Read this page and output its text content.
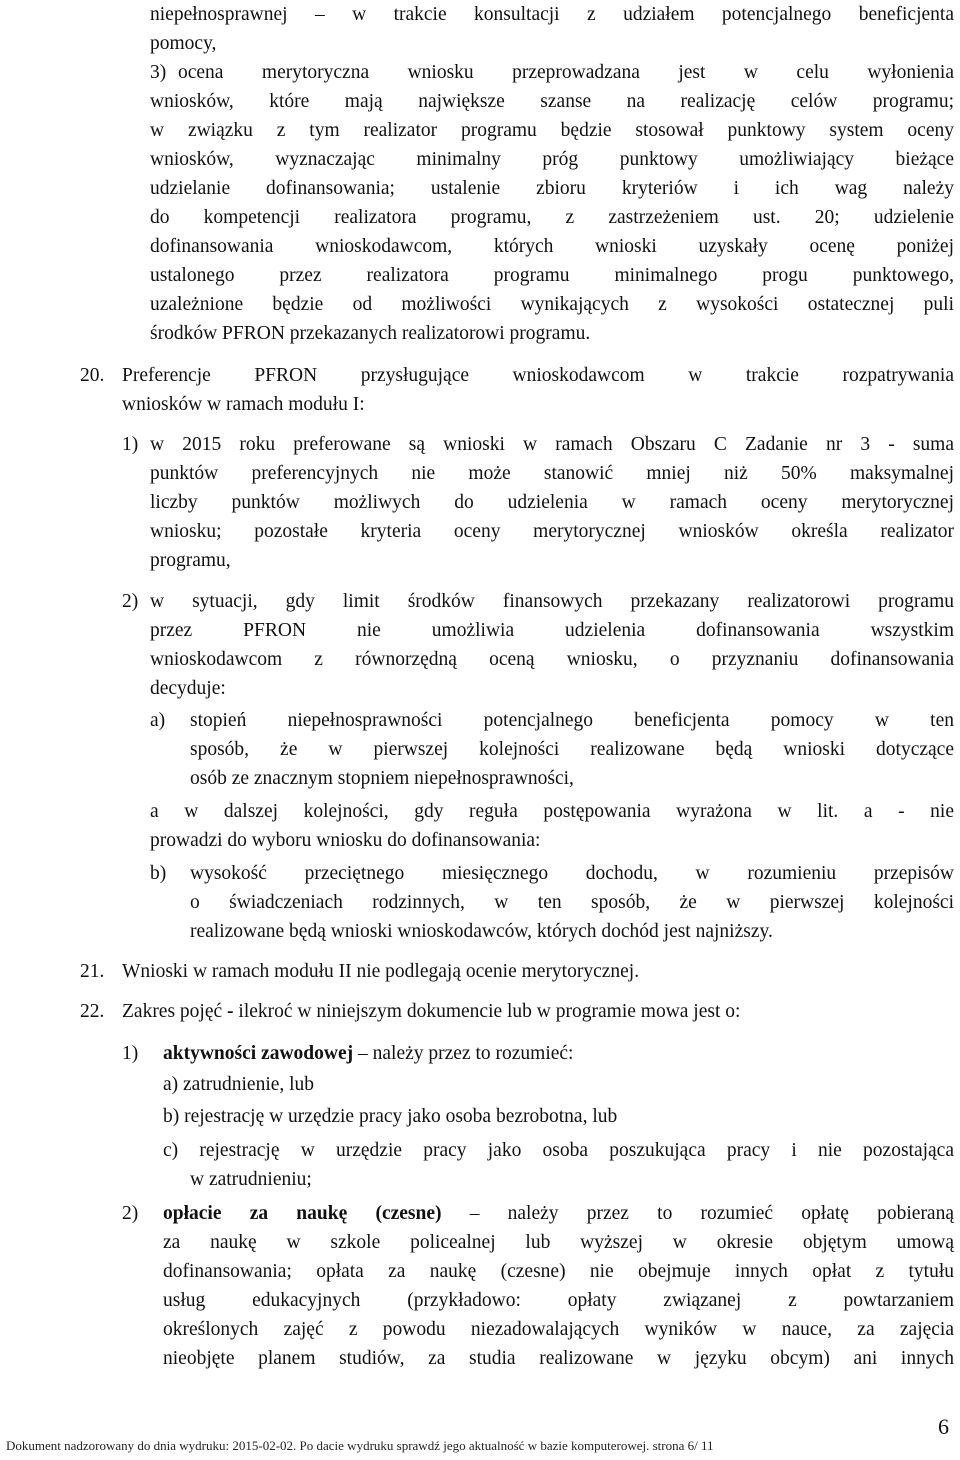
niepełnosprawnej – w trakcie konsultacji z udziałem potencjalnego beneficjenta
pomocy,
3) ocena merytoryczna wniosku przeprowadzana jest w celu wyłonienia
wniosków, które mają największe szanse na realizację celów programu;
w związku z tym realizator programu będzie stosował punktowy system oceny
wniosków, wyznaczając minimalny próg punktowy umożliwiający bieżące
udzielanie dofinansowania; ustalenie zbioru kryteriów i ich wag należy
do kompetencji realizatora programu, z zastrzeżeniem ust. 20; udzielenie
dofinansowania wnioskodawcom, których wnioski uzyskały ocenę poniżej
ustalonego przez realizatora programu minimalnego progu punktowego,
uzależnione będzie od możliwości wynikających z wysokości ostatecznej puli
środków PFRON przekazanych realizatorowi programu.
20. Preferencje PFRON przysługujące wnioskodawcom w trakcie rozpatrywania
wniosków w ramach modułu I:
1) w 2015 roku preferowane są wnioski w ramach Obszaru C Zadanie nr 3 - suma
punktów preferencyjnych nie może stanowić mniej niż 50% maksymalnej
liczby punktów możliwych do udzielenia w ramach oceny merytorycznej
wniosku; pozostałe kryteria oceny merytorycznej wniosków określa realizator
programu,
2) w sytuacji, gdy limit środków finansowych przekazany realizatorowi programu
przez PFRON nie umożliwia udzielenia dofinansowania wszystkim
wnioskodawcom z równorzędną oceną wniosku, o przyznaniu dofinansowania
decyduje:
a) stopień niepełnosprawności potencjalnego beneficjenta pomocy w ten
sposób, że w pierwszej kolejności realizowane będą wnioski dotyczące
osób ze znacznym stopniem niepełnosprawności,
a w dalszej kolejności, gdy reguła postępowania wyrażona w lit. a - nie
prowadzi do wyboru wniosku do dofinansowania:
b) wysokość przeciętnego miesięcznego dochodu, w rozumieniu przepisów
o świadczeniach rodzinnych, w ten sposób, że w pierwszej kolejności
realizowane będą wnioski wnioskodawców, których dochód jest najniższy.
21. Wnioski w ramach modułu II nie podlegają ocenie merytorycznej.
22. Zakres pojęć - ilekroć w niniejszym dokumencie lub w programie mowa jest o:
1) aktywności zawodowej – należy przez to rozumieć:
a) zatrudnienie, lub
b) rejestrację w urzędzie pracy jako osoba bezrobotna, lub
c) rejestrację w urzędzie pracy jako osoba poszukująca pracy i nie pozostająca
w zatrudnieniu;
2) opłacie za naukę (czesne) – należy przez to rozumieć opłatę pobieraną
za naukę w szkole policealnej lub wyższej w okresie objętym umową
dofinansowania; opłata za naukę (czesne) nie obejmuje innych opłat z tytułu
usług edukacyjnych (przykładowo: opłaty związanej z powtarzaniem
określonych zajęć z powodu niezadowalających wyników w nauce, za zajęcia
nieobjęte planem studiów, za studia realizowane w języku obcym) ani innych
6
Dokument nadzorowany do dnia wydruku: 2015-02-02. Po dacie wydruku sprawdź jego aktualność w bazie komputerowej. strona 6/ 11
